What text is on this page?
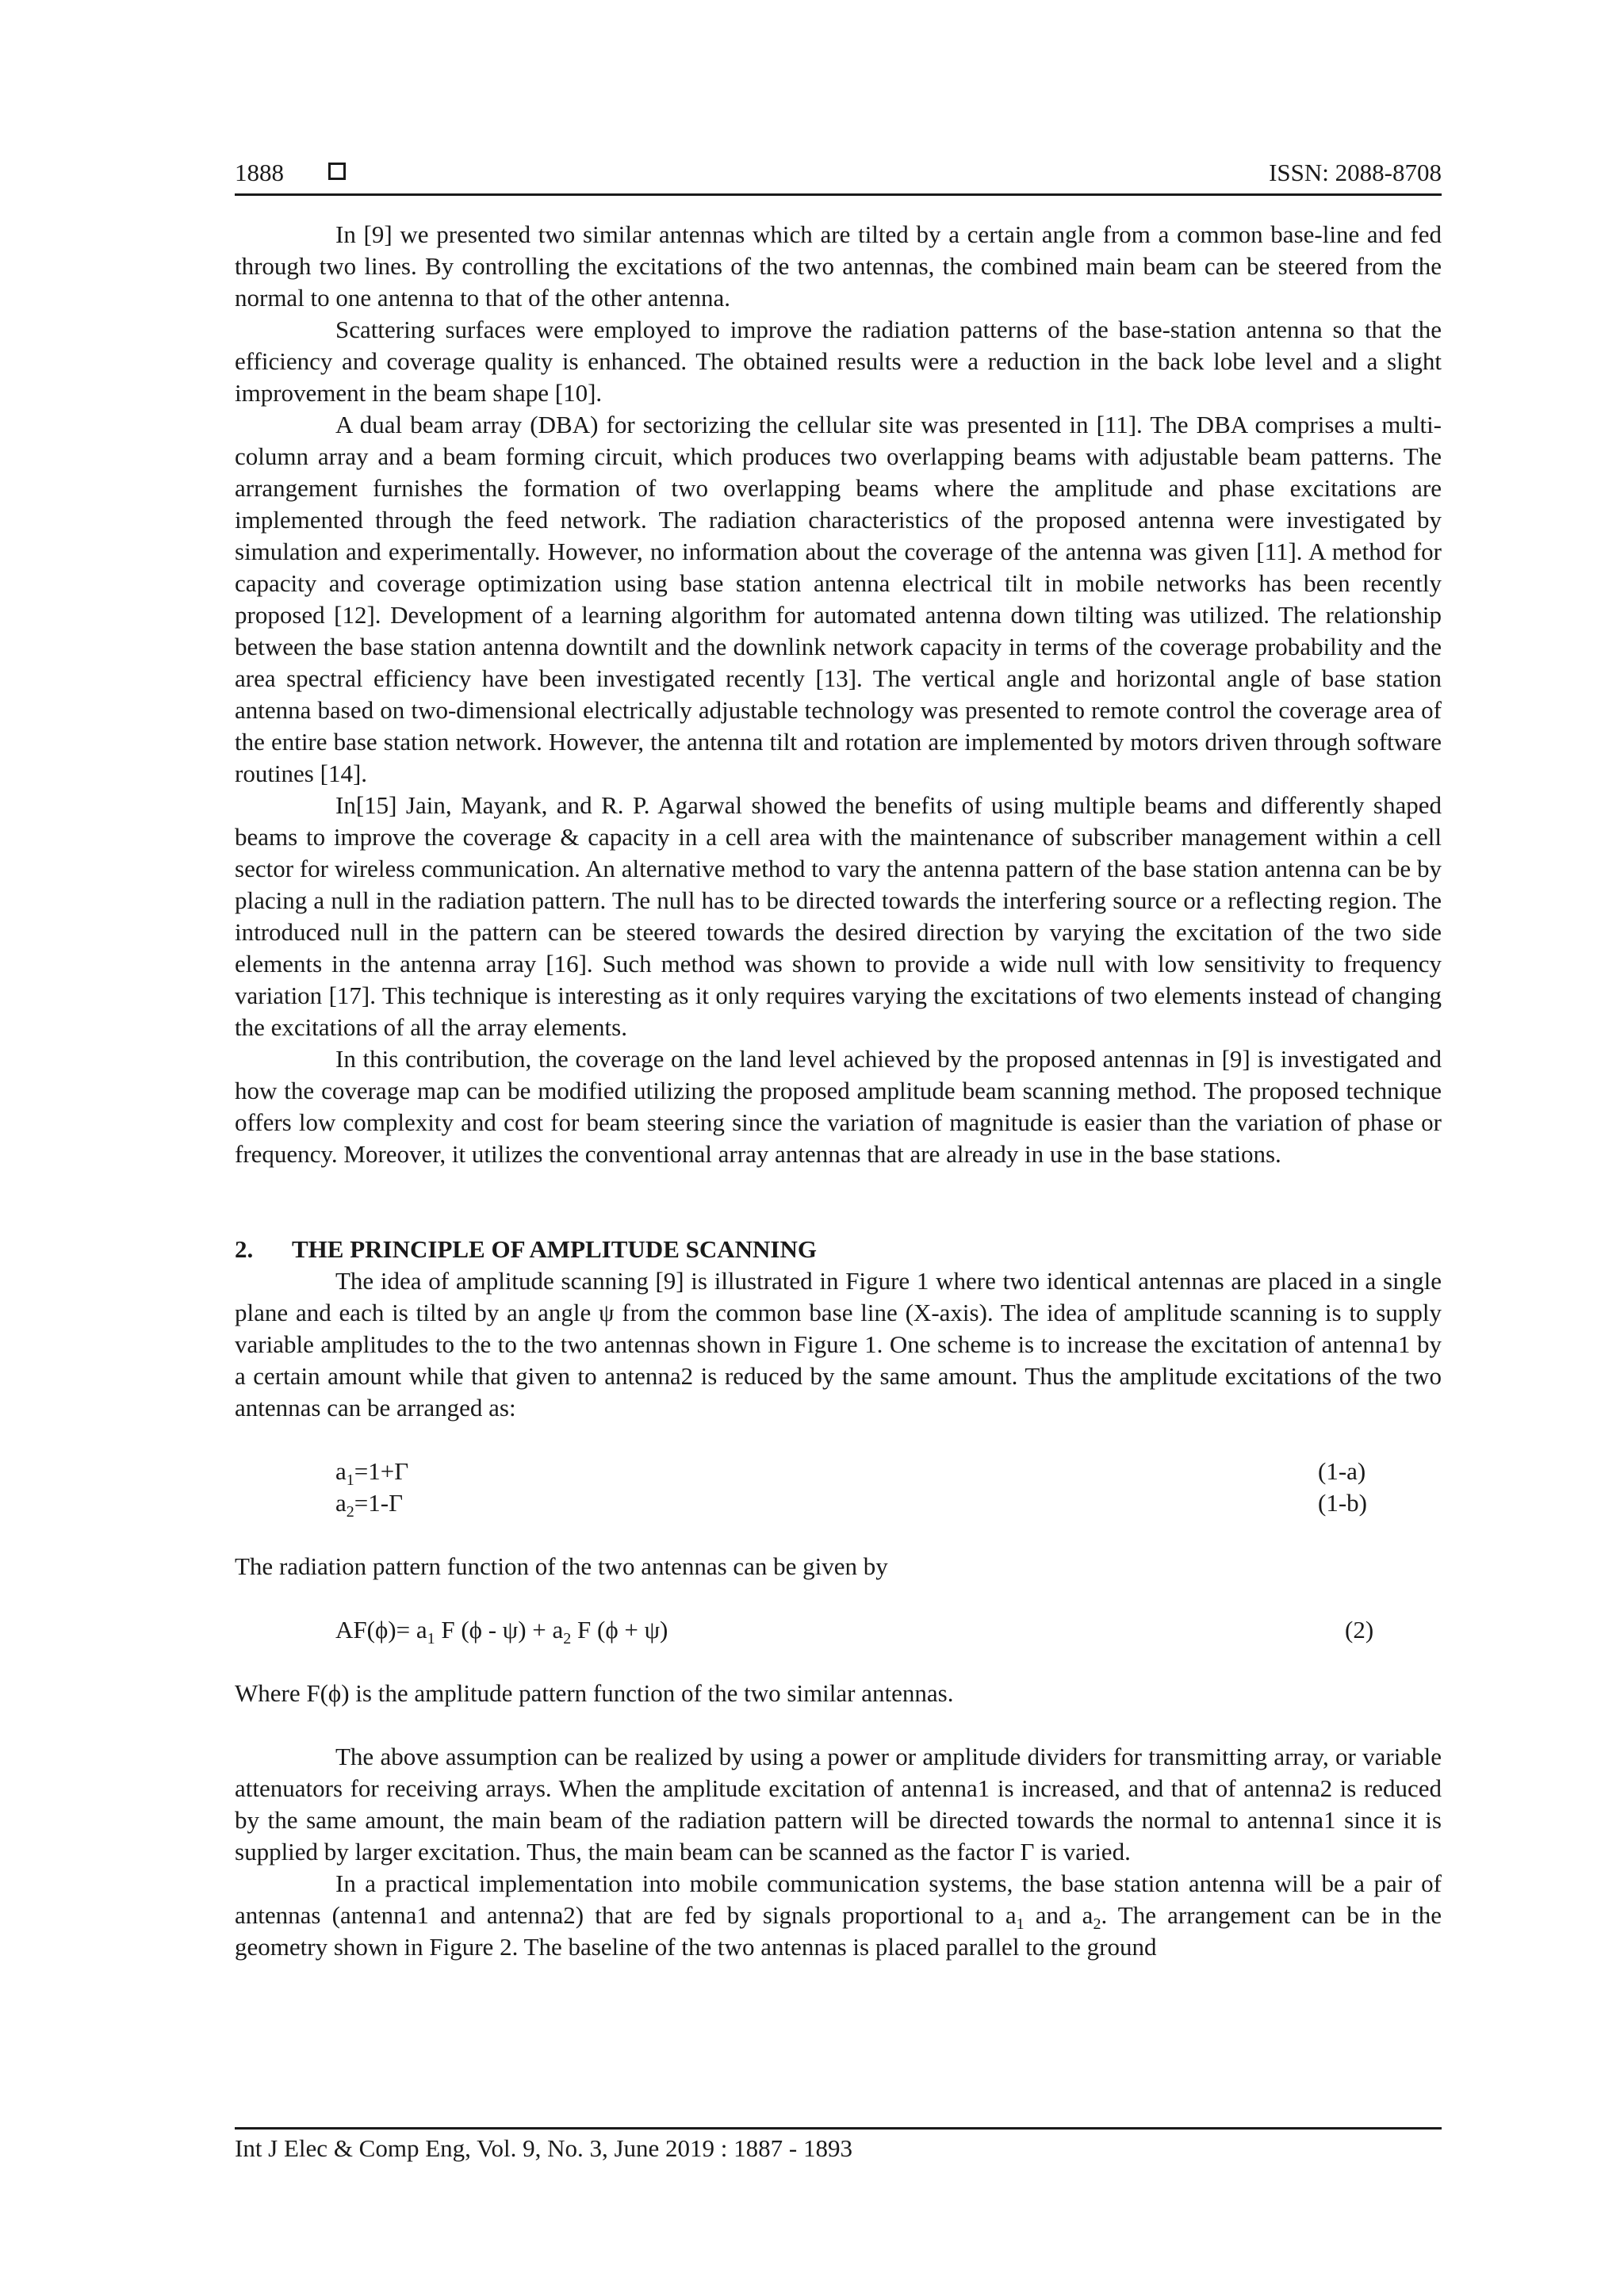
1888	ISSN: 2088-8708

In [9] we presented two similar antennas which are tilted by a certain angle from a common base-line and fed through two lines. By controlling the excitations of the two antennas, the combined main beam can be steered from the normal to one antenna to that of the other antenna.

Scattering surfaces were employed to improve the radiation patterns of the base-station antenna so that the efficiency and coverage quality is enhanced. The obtained results were a reduction in the back lobe level and a slight improvement in the beam shape [10].

A dual beam array (DBA) for sectorizing the cellular site was presented in [11]. The DBA comprises a multi-column array and a beam forming circuit, which produces two overlapping beams with adjustable beam patterns. The arrangement furnishes the formation of two overlapping beams where the amplitude and phase excitations are implemented through the feed network. The radiation characteristics of the proposed antenna were investigated by simulation and experimentally. However, no information about the coverage of the antenna was given [11]. A method for capacity and coverage optimization using base station antenna electrical tilt in mobile networks has been recently proposed [12]. Development of a learning algorithm for automated antenna down tilting was utilized. The relationship between the base station antenna downtilt and the downlink network capacity in terms of the coverage probability and the area spectral efficiency have been investigated recently [13]. The vertical angle and horizontal angle of base station antenna based on two-dimensional electrically adjustable technology was presented to remote control the coverage area of the entire base station network. However, the antenna tilt and rotation are implemented by motors driven through software routines [14].

In[15] Jain, Mayank, and R. P. Agarwal showed the benefits of using multiple beams and differently shaped beams to improve the coverage & capacity in a cell area with the maintenance of subscriber management within a cell sector for wireless communication. An alternative method to vary the antenna pattern of the base station antenna can be by placing a null in the radiation pattern. The null has to be directed towards the interfering source or a reflecting region. The introduced null in the pattern can be steered towards the desired direction by varying the excitation of the two side elements in the antenna array [16]. Such method was shown to provide a wide null with low sensitivity to frequency variation [17]. This technique is interesting as it only requires varying the excitations of two elements instead of changing the excitations of all the array elements.

In this contribution, the coverage on the land level achieved by the proposed antennas in [9] is investigated and how the coverage map can be modified utilizing the proposed amplitude beam scanning method. The proposed technique offers low complexity and cost for beam steering since the variation of magnitude is easier than the variation of phase or frequency. Moreover, it utilizes the conventional array antennas that are already in use in the base stations.

2. THE PRINCIPLE OF AMPLITUDE SCANNING

The idea of amplitude scanning [9] is illustrated in Figure 1 where two identical antennas are placed in a single plane and each is tilted by an angle ψ from the common base line (X-axis). The idea of amplitude scanning is to supply variable amplitudes to the to the two antennas shown in Figure 1. One scheme is to increase the excitation of antenna1 by a certain amount while that given to antenna2 is reduced by the same amount. Thus the amplitude excitations of the two antennas can be arranged as:

$a_1=1+\Gamma$	(1-a)
$a_2=1-\Gamma$	(1-b)

The radiation pattern function of the two antennas can be given by

$AF(\phi)= a_1$ F $(\phi - \psi) + a_2$ F (ϕ + ψ)	(2)

Where F(ϕ) is the amplitude pattern function of the two similar antennas.

The above assumption can be realized by using a power or amplitude dividers for transmitting array, or variable attenuators for receiving arrays. When the amplitude excitation of antenna1 is increased, and that of antenna2 is reduced by the same amount, the main beam of the radiation pattern will be directed towards the normal to antenna1 since it is supplied by larger excitation. Thus, the main beam can be scanned as the factor Γ is varied.

In a practical implementation into mobile communication systems, the base station antenna will be a pair of antennas (antenna1 and antenna2) that are fed by signals proportional to $a_1$ and $a_2$. The arrangement can be in the geometry shown in Figure 2. The baseline of the two antennas is placed parallel to the ground

Int J Elec & Comp Eng, Vol. 9, No. 3, June 2019 : 1887 - 1893
